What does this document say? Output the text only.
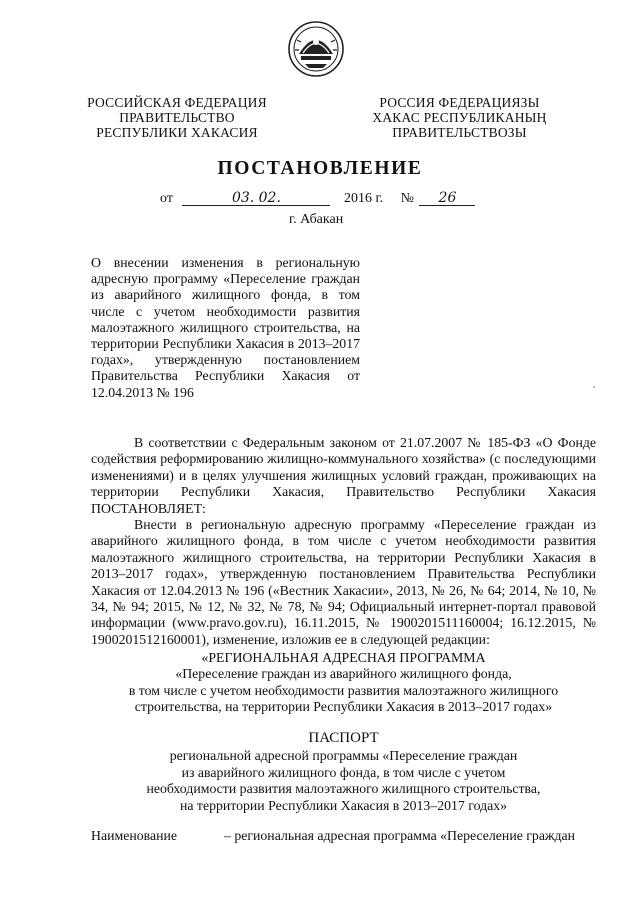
РОССИЙСКАЯ ФЕДЕРАЦИЯ
ПРАВИТЕЛЬСТВО
РЕСПУБЛИКИ ХАКАСИЯ
РОССИЯ ФЕДЕРАЦИЯЗЫ
ХАКАС РЕСПУБЛИКАНЫҢ
ПРАВИТЕЛЬСТВОЗЫ
ПОСТАНОВЛЕНИЕ
от	03. 02.	2016 г. № 26
г. Абакан
О внесении изменения в региональную адресную программу «Переселение граждан из аварийного жилищного фонда, в том числе с учетом необходимости развития малоэтажного жилищного строительства, на территории Республики Хакасия в 2013–2017 годах», утвержденную постановлением Правительства Республики Хакасия от 12.04.2013 № 196

В соответствии с Федеральным законом от 21.07.2007 № 185-ФЗ «О Фонде содействия реформированию жилищно-коммунального хозяйства» (с последующими изменениями) и в целях улучшения жилищных условий граждан, проживающих на территории Республики Хакасия, Правительство Республики Хакасия ПОСТАНОВЛЯЕТ:

Внести в региональную адресную программу «Переселение граждан из аварийного жилищного фонда, в том числе с учетом необходимости развития малоэтажного жилищного строительства, на территории Республики Хакасия в 2013–2017 годах», утвержденную постановлением Правительства Республики Хакасия от 12.04.2013 № 196 («Вестник Хакасии», 2013, № 26, № 64; 2014, № 10, № 34, № 94; 2015, № 12, № 32, № 78, № 94; Официальный интернет-портал правовой информации (www.pravo.gov.ru), 16.11.2015, № 1900201511160004; 16.12.2015, № 1900201512160001), изменение, изложив ее в следующей редакции:

«РЕГИОНАЛЬНАЯ АДРЕСНАЯ ПРОГРАММА

«Переселение граждан из аварийного жилищного фонда,

в том числе с учетом необходимости развития малоэтажного жилищного

строительства, на территории Республики Хакасия в 2013–2017 годах»

ПАСПОРТ

региональной адресной программы «Переселение граждан

из аварийного жилищного фонда, в том числе с учетом

необходимости развития малоэтажного жилищного строительства,

на территории Республики Хакасия в 2013–2017 годах»

Наименование	– региональная адресная программа «Переселение граждан
